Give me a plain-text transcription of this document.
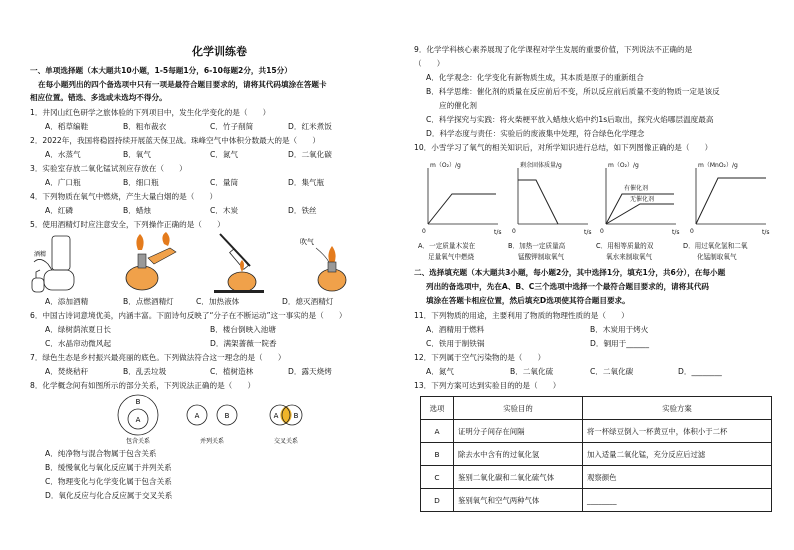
化学训练卷
一、单项选择题（本大题共10小题，1-5每题1分，6-10每题2分，共15分）
在每小题列出的四个备选项中只有一项是最符合题目要求的，请将其代码填涂在答题卡
相应位置。错选、多选或未选均不得分。
1．井冈山红色研学之旅体验的下列项目中，发生化学变化的是（　　）
A．稻草编鞋	B．粗布裁衣	C．竹子削简	D．红米煮饭
2．2022年，我国将稳固持续开展蓝天保卫战。珠峰空气中体积分数最大的是（　　）
A．水蒸气	B．氧气	C．氮气	D．二氧化碳
3．实验室存放二氧化锰试剂应存放在（　　）
A．广口瓶	B．细口瓶	C．量筒	D．集气瓶
4．下列物质在氧气中燃烧，产生大量白烟的是（　　）
A．红磷	B．蜡烛	C．木炭	D．铁丝
5．使用酒精灯时应注意安全，下列操作正确的是（　　）
吹气
酒精
A．添加酒精	B．点燃酒精灯	C．加热液体	D．熄灭酒精灯
6．中国古诗词意境优美，内涵丰富。下面诗句反映了“分子在不断运动”这一事实的是（　　）
A．绿树荫浓夏日长	B．楼台倒映入池塘
C．水晶帘动微风起	D．满架蔷薇一院香
7．绿色生态是乡村振兴最亮丽的底色。下列做法符合这一理念的是（　　）
A．焚烧秸秆	B．乱丢垃圾	C．植树造林	D．露天烧烤
8．化学概念间有如图所示的部分关系，下列说法正确的是（　　）
B
A
包含关系
A	B
并列关系
A B
交叉关系
A．纯净物与混合物属于包含关系
B．缓慢氧化与氧化反应属于并列关系
C．物理变化与化学变化属于包含关系
D．氧化反应与化合反应属于交叉关系
9．化学学科核心素养展现了化学课程对学生发展的重要价值，下列说法不正确的是
（　　）
A．化学观念：化学变化有新物质生成，其本质是原子的重新组合
B．科学思维：催化剂的质量在反应前后不变，所以反应前后质量不变的物质一定是该反
应的催化剂
C．科学探究与实践：将火柴梗平放入蜡烛火焰中约1s后取出，探究火焰哪层温度最高
D．科学态度与责任：实验后的废液集中处理，符合绿色化学理念
10．小雪学习了氧气的相关知识后，对所学知识进行总结，如下列图像正确的是（　　）
m（O₂）/g
t/s
0
剩余固体质量/g
t/s
0
m（O₂）/g
有催化剂
无催化剂
t/s
0
m（MnO₂）/g
t/s
0
A．一定质量木炭在
足量氧气中燃烧
B．加热一定质量高
锰酸钾制取氧气
C．用相等质量的双
氧水来制取氧气
D．用过氧化氢和二氧
化锰制取氧气
二、选择填充题（本大题共3小题，每小题2分，其中选择1分，填充1分，共6分），在每小题
列出的备选项中，先在A、B、C三个选项中选择一个最符合题目要求的，请将其代码
填涂在答题卡相应位置，然后填充D选项使其符合题目要求。
11．下列物质的用途，主要利用了物质的物理性质的是（　　）
A．酒精用于燃料	B．木炭用于烤火
C．铁用于制铁锅	D．铜用于______
12．下列属于空气污染物的是（　　）
A．氮气	B．二氧化硫	C．二氧化碳	D．________
13．下列方案可达到实验目的的是（　　）
选项	实验目的	实验方案
A	证明分子间存在间隔	将一杯绿豆倒入一杯黄豆中，体积小于二杯
B	除去水中含有的过氧化氢	加入适量二氧化锰，充分反应后过滤
C	鉴别二氧化碳和二氧化硫气体	观察颜色
D	鉴别氧气和空气两种气体	________
